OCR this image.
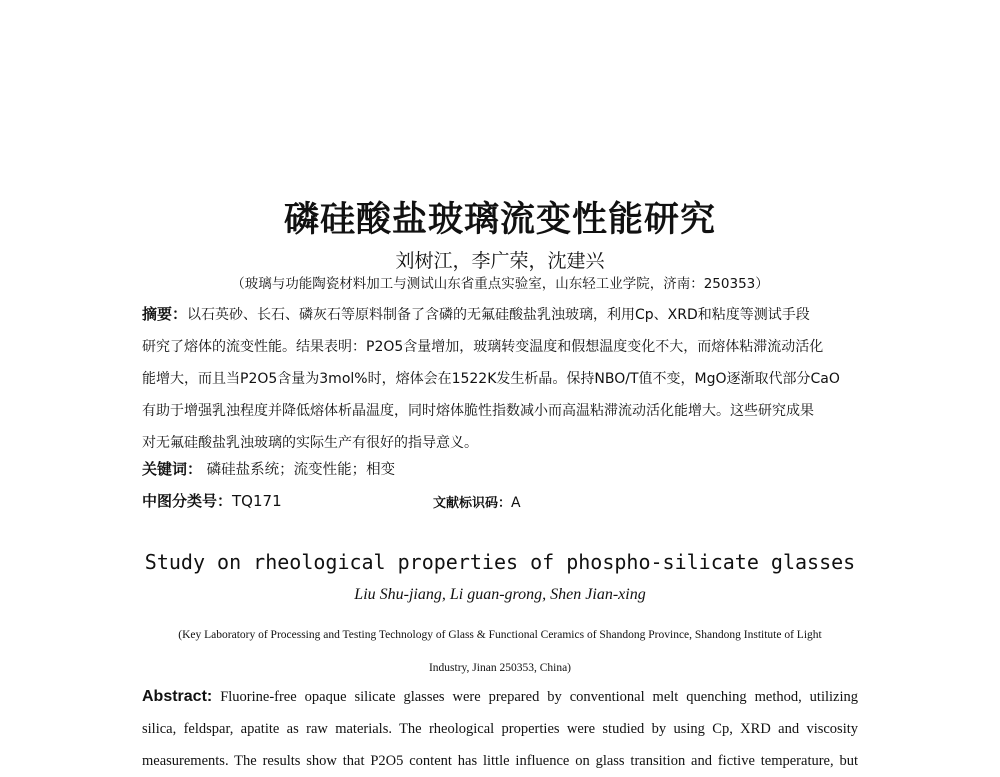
磷硅酸盐玻璃流变性能研究
刘树江，李广荣，沈建兴
（玻璃与功能陶瓷材料加工与测试山东省重点实验室，山东轻工业学院，济南：250353）

摘要：以石英砂、长石、磷灰石等原料制备了含磷的无氟硅酸盐乳浊玻璃，利用Cp、XRD和粘度等测试手段

研究了熔体的流变性能。结果表明：P2O5含量增加，玻璃转变温度和假想温度变化不大，而熔体粘滞流动活化

能增大，而且当P2O5含量为3mol%时，熔体会在1522K发生析晶。保持NBO/T值不变，MgO逐渐取代部分CaO

有助于增强乳浊程度并降低熔体析晶温度，同时熔体脆性指数减小而高温粘滞流动活化能增大。这些研究成果

对无氟硅酸盐乳浊玻璃的实际生产有很好的指导意义。

关键词： 磷硅盐系统；流变性能；相变
中图分类号：TQ171	文献标识码：A
Study on rheological properties of phospho-silicate glasses
Liu Shu-jiang, Li guan-grong, Shen Jian-xing
(Key Laboratory of Processing and Testing Technology of Glass & Functional Ceramics of Shandong Province, Shandong Institute of Light
Industry, Jinan 250353, China)

Abstract: Fluorine-free opaque silicate glasses were prepared by conventional melt quenching method, utilizing

silica, feldspar, apatite as raw materials. The rheological properties were studied by using Cp, XRD and viscosity

measurements. The results show that P2O5 content has little influence on glass transition and fictive temperature, but
